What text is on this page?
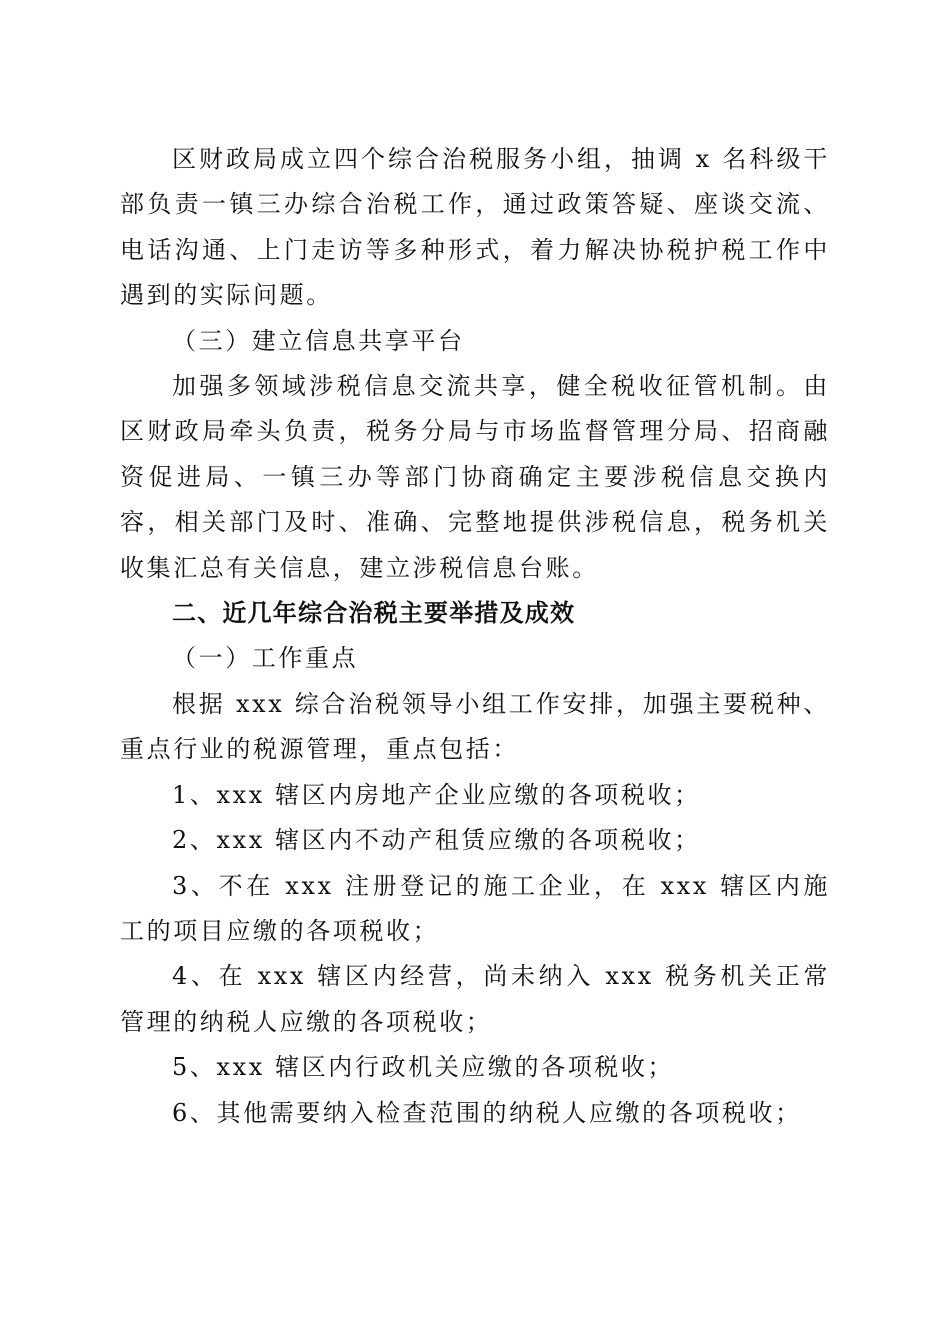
区财政局成立四个综合治税服务小组，抽调 x 名科级干部负责一镇三办综合治税工作，通过政策答疑、座谈交流、电话沟通、上门走访等多种形式，着力解决协税护税工作中遇到的实际问题。

（三）建立信息共享平台

加强多领域涉税信息交流共享，健全税收征管机制。由区财政局牵头负责，税务分局与市场监督管理分局、招商融资促进局、一镇三办等部门协商确定主要涉税信息交换内容，相关部门及时、准确、完整地提供涉税信息，税务机关收集汇总有关信息，建立涉税信息台账。

二、近几年综合治税主要举措及成效

（一）工作重点

根据 xxx 综合治税领导小组工作安排，加强主要税种、重点行业的税源管理，重点包括：

1、xxx 辖区内房地产企业应缴的各项税收；

2、xxx 辖区内不动产租赁应缴的各项税收；

3、不在 xxx 注册登记的施工企业，在 xxx 辖区内施工的项目应缴的各项税收；

4、在 xxx 辖区内经营，尚未纳入 xxx 税务机关正常管理的纳税人应缴的各项税收；

5、xxx 辖区内行政机关应缴的各项税收；

6、其他需要纳入检查范围的纳税人应缴的各项税收；
